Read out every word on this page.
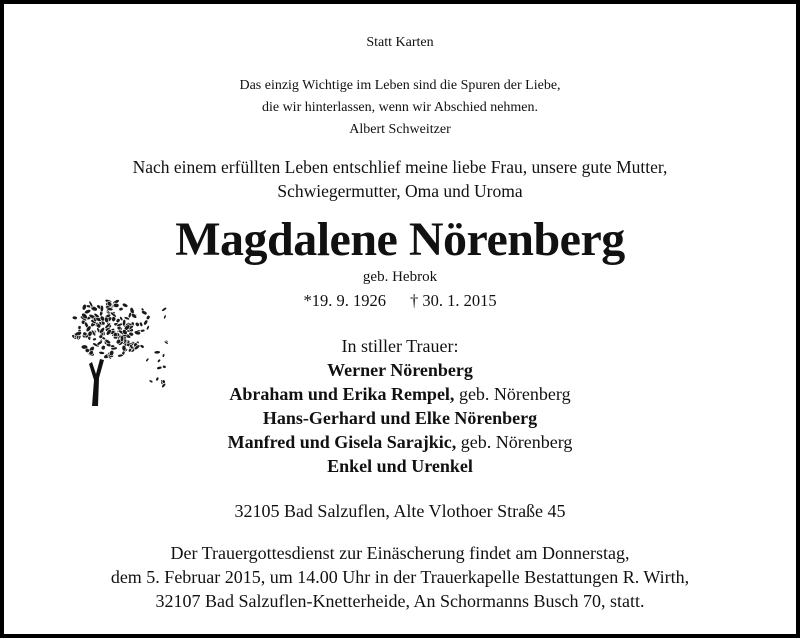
Statt Karten
Das einzig Wichtige im Leben sind die Spuren der Liebe,
die wir hinterlassen, wenn wir Abschied nehmen.
Albert Schweitzer
Nach einem erfüllten Leben entschlief meine liebe Frau, unsere gute Mutter,
Schwiegermutter, Oma und Uroma
Magdalene Nörenberg
geb. Hebrok
*19. 9. 1926 † 30. 1. 2015
In stiller Trauer:
Werner Nörenberg
Abraham und Erika Rempel, geb. Nörenberg
Hans-Gerhard und Elke Nörenberg
Manfred und Gisela Sarajkic, geb. Nörenberg
Enkel und Urenkel
32105 Bad Salzuflen, Alte Vlothoer Straße 45
Der Trauergottesdienst zur Einäscherung findet am Donnerstag,
dem 5. Februar 2015, um 14.00 Uhr in der Trauerkapelle Bestattungen R. Wirth,
32107 Bad Salzuflen-Knetterheide, An Schormanns Busch 70, statt.
